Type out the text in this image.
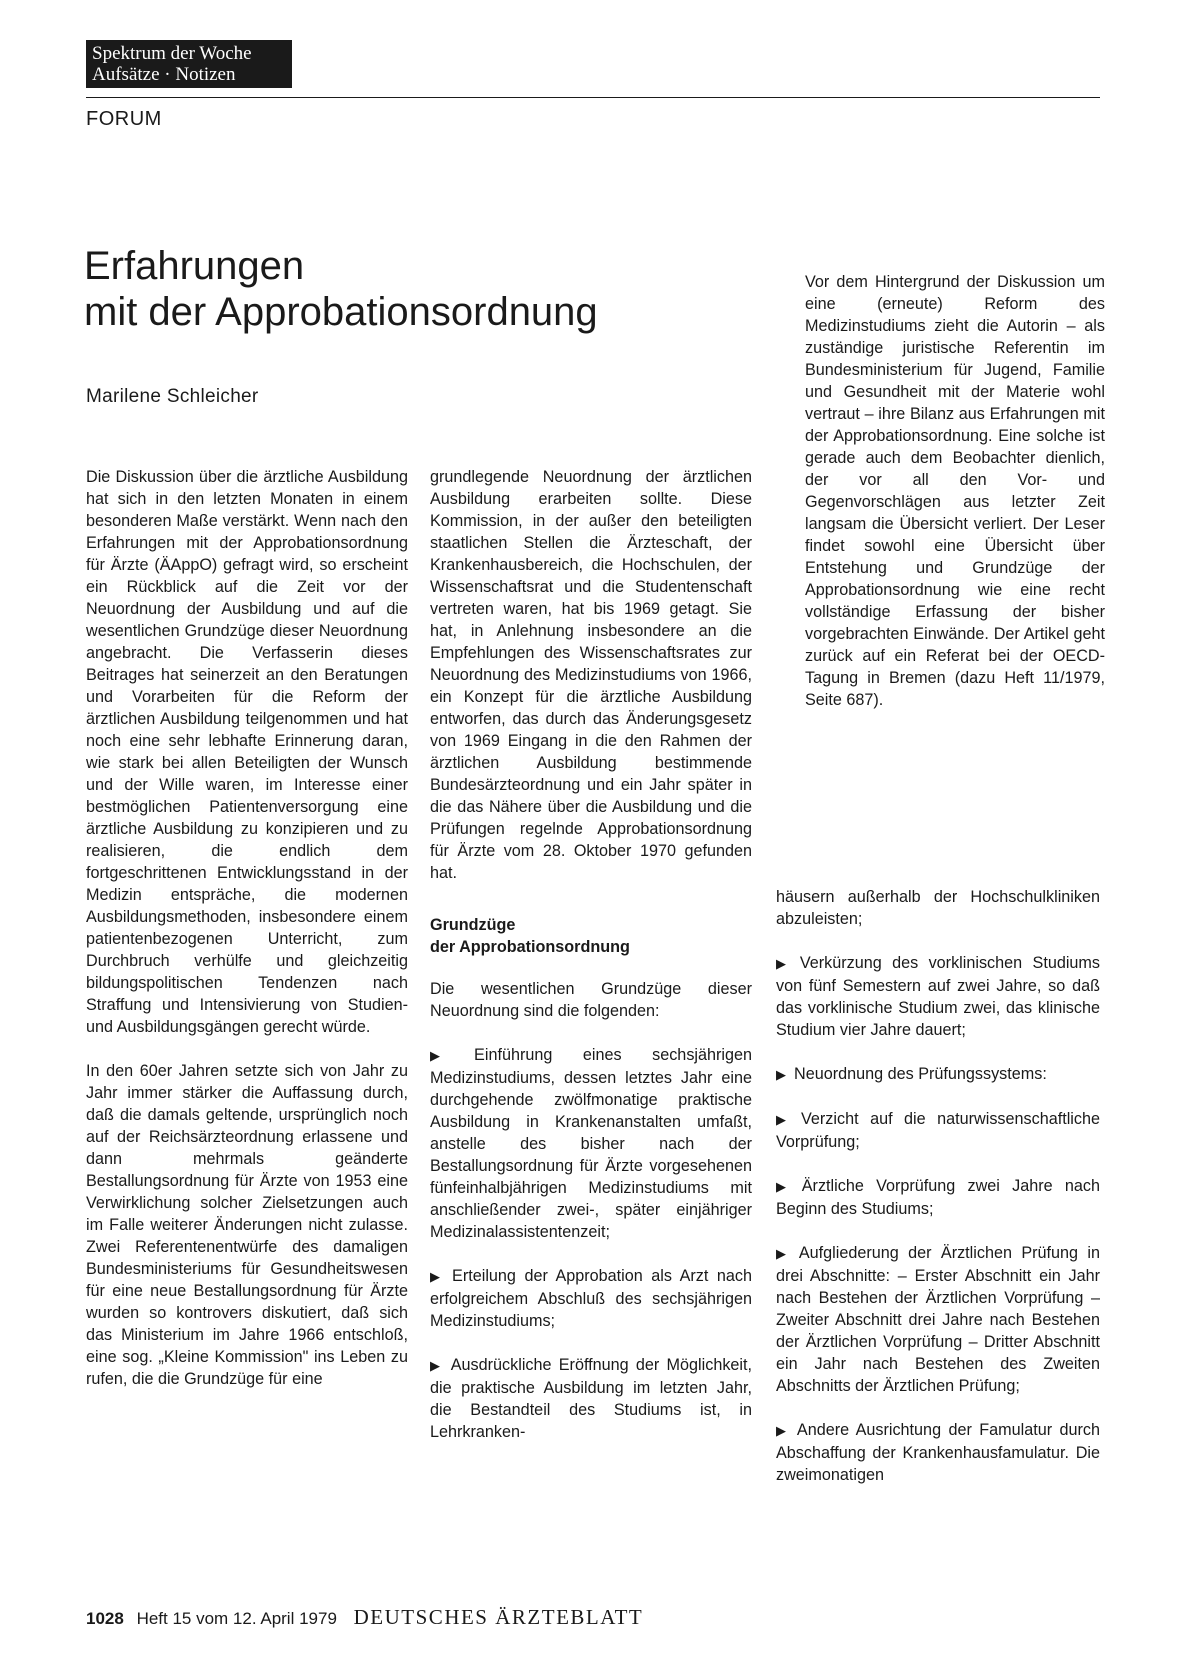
Spektrum der Woche
Aufsätze · Notizen
FORUM
Erfahrungen
mit der Approbationsordnung
Marilene Schleicher

Vor dem Hintergrund der Diskussion um eine (erneute) Reform des Medizinstudiums zieht die Autorin – als zuständige juristische Referentin im Bundesministerium für Jugend, Familie und Gesundheit mit der Materie wohl vertraut – ihre Bilanz aus Erfahrungen mit der Approbationsordnung. Eine solche ist gerade auch dem Beobachter dienlich, der vor all den Vor- und Gegenvorschlägen aus letzter Zeit langsam die Übersicht verliert. Der Leser findet sowohl eine Übersicht über Entstehung und Grundzüge der Approbationsordnung wie eine recht vollständige Erfassung der bisher vorgebrachten Einwände. Der Artikel geht zurück auf ein Referat bei der OECD-Tagung in Bremen (dazu Heft 11/1979, Seite 687).

Die Diskussion über die ärztliche Ausbildung hat sich in den letzten Monaten in einem besonderen Maße verstärkt. Wenn nach den Erfahrungen mit der Approbationsordnung für Ärzte (ÄAppO) gefragt wird, so erscheint ein Rückblick auf die Zeit vor der Neuordnung der Ausbildung und auf die wesentlichen Grundzüge dieser Neuordnung angebracht. Die Verfasserin dieses Beitrages hat seinerzeit an den Beratungen und Vorarbeiten für die Reform der ärztlichen Ausbildung teilgenommen und hat noch eine sehr lebhafte Erinnerung daran, wie stark bei allen Beteiligten der Wunsch und der Wille waren, im Interesse einer bestmöglichen Patientenversorgung eine ärztliche Ausbildung zu konzipieren und zu realisieren, die endlich dem fortgeschrittenen Entwicklungsstand in der Medizin entspräche, die modernen Ausbildungsmethoden, insbesondere einem patientenbezogenen Unterricht, zum Durchbruch verhülfe und gleichzeitig bildungspolitischen Tendenzen nach Straffung und Intensivierung von Studien- und Ausbildungsgängen gerecht würde.

In den 60er Jahren setzte sich von Jahr zu Jahr immer stärker die Auffassung durch, daß die damals geltende, ursprünglich noch auf der Reichsärzteordnung erlassene und dann mehrmals geänderte Bestallungsordnung für Ärzte von 1953 eine Verwirklichung solcher Zielsetzungen auch im Falle weiterer Änderungen nicht zulasse. Zwei Referentenentwürfe des damaligen Bundesministeriums für Gesundheitswesen für eine neue Bestallungsordnung für Ärzte wurden so kontrovers diskutiert, daß sich das Ministerium im Jahre 1966 entschloß, eine sog. „Kleine Kommission" ins Leben zu rufen, die die Grundzüge für eine

grundlegende Neuordnung der ärztlichen Ausbildung erarbeiten sollte. Diese Kommission, in der außer den beteiligten staatlichen Stellen die Ärzteschaft, der Krankenhausbereich, die Hochschulen, der Wissenschaftsrat und die Studentenschaft vertreten waren, hat bis 1969 getagt. Sie hat, in Anlehnung insbesondere an die Empfehlungen des Wissenschaftsrates zur Neuordnung des Medizinstudiums von 1966, ein Konzept für die ärztliche Ausbildung entworfen, das durch das Änderungsgesetz von 1969 Eingang in die den Rahmen der ärztlichen Ausbildung bestimmende Bundesärzteordnung und ein Jahr später in die das Nähere über die Ausbildung und die Prüfungen regelnde Approbationsordnung für Ärzte vom 28. Oktober 1970 gefunden hat.

Grundzüge
der Approbationsordnung

Die wesentlichen Grundzüge dieser Neuordnung sind die folgenden:

▶ Einführung eines sechsjährigen Medizinstudiums, dessen letztes Jahr eine durchgehende zwölfmonatige praktische Ausbildung in Krankenanstalten umfaßt, anstelle des bisher nach der Bestallungsordnung für Ärzte vorgesehenen fünfeinhalbjährigen Medizinstudiums mit anschließender zwei-, später einjähriger Medizinalassistentenzeit;

▶ Erteilung der Approbation als Arzt nach erfolgreichem Abschluß des sechsjährigen Medizinstudiums;

▶ Ausdrückliche Eröffnung der Möglichkeit, die praktische Ausbildung im letzten Jahr, die Bestandteil des Studiums ist, in Lehrkranken-

häusern außerhalb der Hochschulkliniken abzuleisten;

▶ Verkürzung des vorklinischen Studiums von fünf Semestern auf zwei Jahre, so daß das vorklinische Studium zwei, das klinische Studium vier Jahre dauert;

▶ Neuordnung des Prüfungssystems:

▶ Verzicht auf die naturwissenschaftliche Vorprüfung;

▶ Ärztliche Vorprüfung zwei Jahre nach Beginn des Studiums;

▶ Aufgliederung der Ärztlichen Prüfung in drei Abschnitte: – Erster Abschnitt ein Jahr nach Bestehen der Ärztlichen Vorprüfung – Zweiter Abschnitt drei Jahre nach Bestehen der Ärztlichen Vorprüfung – Dritter Abschnitt ein Jahr nach Bestehen des Zweiten Abschnitts der Ärztlichen Prüfung;

▶ Andere Ausrichtung der Famulatur durch Abschaffung der Krankenhausfamulatur. Die zweimonatigen

1028 Heft 15 vom 12. April 1979 DEUTSCHES ÄRZTEBLATT
